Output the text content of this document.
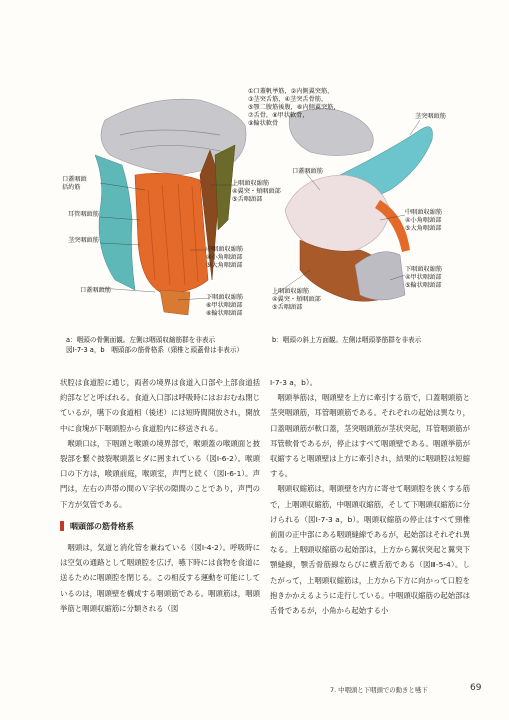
①口蓋帆挙筋，②内側翼突筋，
③茎突舌筋，④茎突舌骨筋，
⑤顎二腹筋後腹，⑥内側翼突筋，
⑦舌骨，⑧甲状軟骨，
⑨輪状軟骨
口蓋咽頭
括約筋
耳管咽頭筋
茎突咽頭筋
口蓋咽頭筋
上咽頭収縮筋
④翼突・頬咽頭部
⑤舌咽頭部
中咽頭収縮筋
④小角咽頭部
⑤大角咽頭部
下咽頭収縮筋
⑥甲状咽頭部
⑥輪状咽頭部
茎突咽頭筋
口蓋咽頭筋
中咽頭収縮筋
④小角咽頭部
⑤大角咽頭部
上咽頭収縮筋
④翼突・頬咽頭部
⑤舌咽頭部
下咽頭収縮筋
④甲状咽頭部
⑤輪状咽頭部
a：咽頭の骨側面観。左側は咽頭収縮筋群を非表示	b：咽頭の斜上方面観。左側は咽頭挙筋群を非表示
図Ⅰ-7-3 a，b　咽頭部の筋骨格系（頸椎と頭蓋骨は非表示）

状腔は食道腔に通じ，両者の境界は食道入口部や上部食道括約部などと呼ばれる。食道入口部は呼吸時にはおおむね閉じているが，嚥下の食道相（後述）には短時間開放され，開放中に食塊が下咽頭腔から食道腔内に移送される。

喉頭口は，下咽頭と喉頭の境界部で，喉頭蓋の喉頭面と披裂部を繋ぐ披裂喉頭蓋ヒダに囲まれている（図Ⅰ-6-2）。喉頭口の下方は，喉頭前庭，喉頭室，声門と続く（図Ⅰ-6-1）。声門は，左右の声帯の間のＶ字状の隙間のことであり，声門の下方が気管である。

咽頭部の筋骨格系

咽頭は，気道と消化管を兼ねている（図Ⅰ-4-2）。呼吸時には空気の通路として咽頭腔を広げ，嚥下時には食物を食道に送るために咽頭腔を閉じる。この相反する運動を可能にしているのは，咽頭壁を構成する咽頭筋である。咽頭筋は，咽頭挙筋と咽頭収縮筋に分類される（図

Ⅰ-7-3 a，b）。

咽頭挙筋は，咽頭壁を上方に牽引する筋で，口蓋咽頭筋と茎突咽頭筋，耳管咽頭筋である。それぞれの起始は異なり，口蓋咽頭筋が軟口蓋，茎突咽頭筋が茎状突起，耳管咽頭筋が耳管軟骨であるが，停止はすべて咽頭壁である。咽頭挙筋が収縮すると咽頭壁は上方に牽引され，結果的に咽頭腔は短縮する。

咽頭収縮筋は，咽頭壁を内方に寄せて咽頭腔を狭くする筋で，上咽頭収縮筋，中咽頭収縮筋，そして下咽頭収縮筋に分けられる（図Ⅰ-7-3 a，b）。咽頭収縮筋の停止はすべて頸椎前面の正中部にある咽頭縫線であるが，起始部はそれぞれ異なる。上咽頭収縮筋の起始部は，上方から翼状突起と翼突下顎縫線，顎舌骨筋線ならびに横舌筋である（図Ⅲ-5-4）。したがって，上咽頭収縮筋は，上方から下方に向かって口腔を抱きかかえるように走行している。中咽頭収縮筋の起始部は舌骨であるが，小角から起始する小

7. 中咽頭と下咽頭での動きと嚥下	69
